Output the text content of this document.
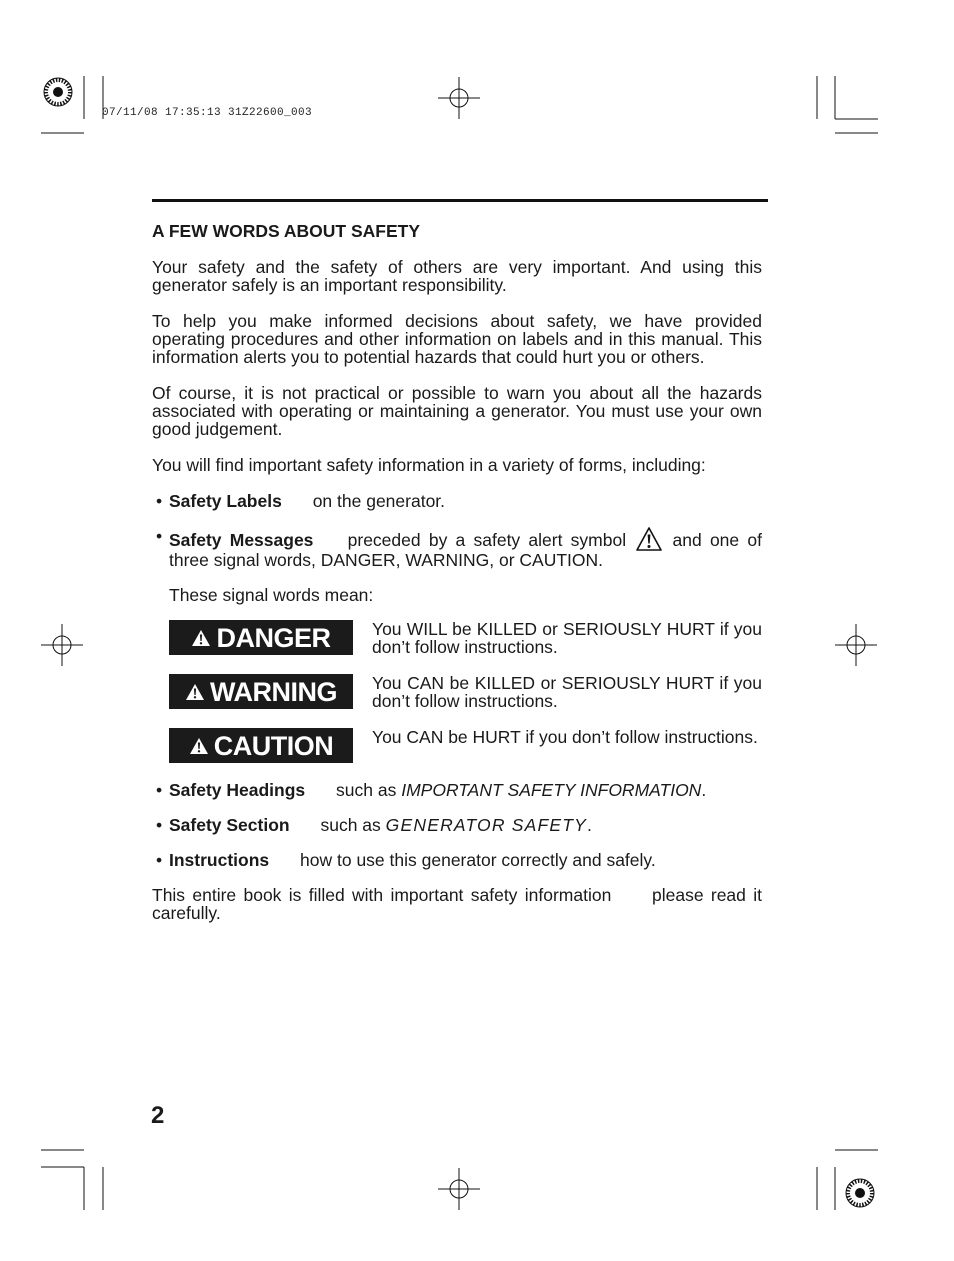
07/11/08 17:35:13 31Z22600_003
A FEW WORDS ABOUT SAFETY

Your safety and the safety of others are very important. And using this generator safely is an important responsibility.

To help you make informed decisions about safety, we have provided operating procedures and other information on labels and in this manual. This information alerts you to potential hazards that could hurt you or others.

Of course, it is not practical or possible to warn you about all the hazards associated with operating or maintaining a generator. You must use your own good judgement.

You will find important safety information in a variety of forms, including:

• Safety Labels on the generator.
• Safety Messages preceded by a safety alert symbol	and one of three signal words, DANGER, WARNING, or CAUTION.
These signal words mean:
DANGER You WILL be KILLED or SERIOUSLY HURT if you don’t follow instructions.
WARNING You CAN be KILLED or SERIOUSLY HURT if you don’t follow instructions.
CAUTION You CAN be HURT if you don’t follow instructions.
• Safety Headings such as IMPORTANT SAFETY INFORMATION.
• Safety Section such as GENERATOR SAFETY.
• Instructions how to use this generator correctly and safely.

This entire book is filled with important safety information please read it carefully.

2
